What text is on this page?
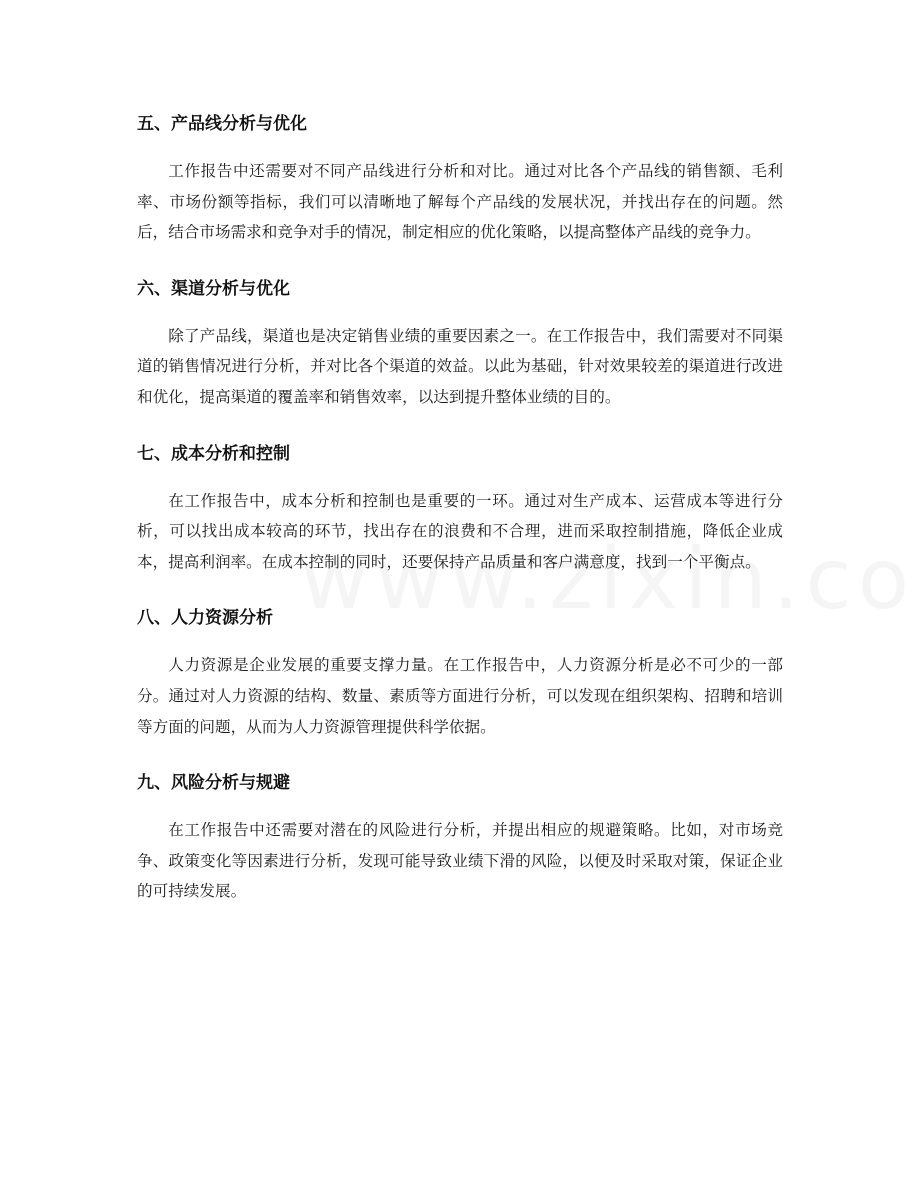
五、产品线分析与优化

工作报告中还需要对不同产品线进行分析和对比。通过对比各个产品线的销售额、毛利率、市场份额等指标，我们可以清晰地了解每个产品线的发展状况，并找出存在的问题。然后，结合市场需求和竞争对手的情况，制定相应的优化策略，以提高整体产品线的竞争力。

六、渠道分析与优化

除了产品线，渠道也是决定销售业绩的重要因素之一。在工作报告中，我们需要对不同渠道的销售情况进行分析，并对比各个渠道的效益。以此为基础，针对效果较差的渠道进行改进和优化，提高渠道的覆盖率和销售效率，以达到提升整体业绩的目的。

七、成本分析和控制

在工作报告中，成本分析和控制也是重要的一环。通过对生产成本、运营成本等进行分析，可以找出成本较高的环节，找出存在的浪费和不合理，进而采取控制措施，降低企业成本，提高利润率。在成本控制的同时，还要保持产品质量和客户满意度，找到一个平衡点。

八、人力资源分析

人力资源是企业发展的重要支撑力量。在工作报告中，人力资源分析是必不可少的一部分。通过对人力资源的结构、数量、素质等方面进行分析，可以发现在组织架构、招聘和培训等方面的问题，从而为人力资源管理提供科学依据。

九、风险分析与规避

在工作报告中还需要对潜在的风险进行分析，并提出相应的规避策略。比如，对市场竞争、政策变化等因素进行分析，发现可能导致业绩下滑的风险，以便及时采取对策，保证企业的可持续发展。
